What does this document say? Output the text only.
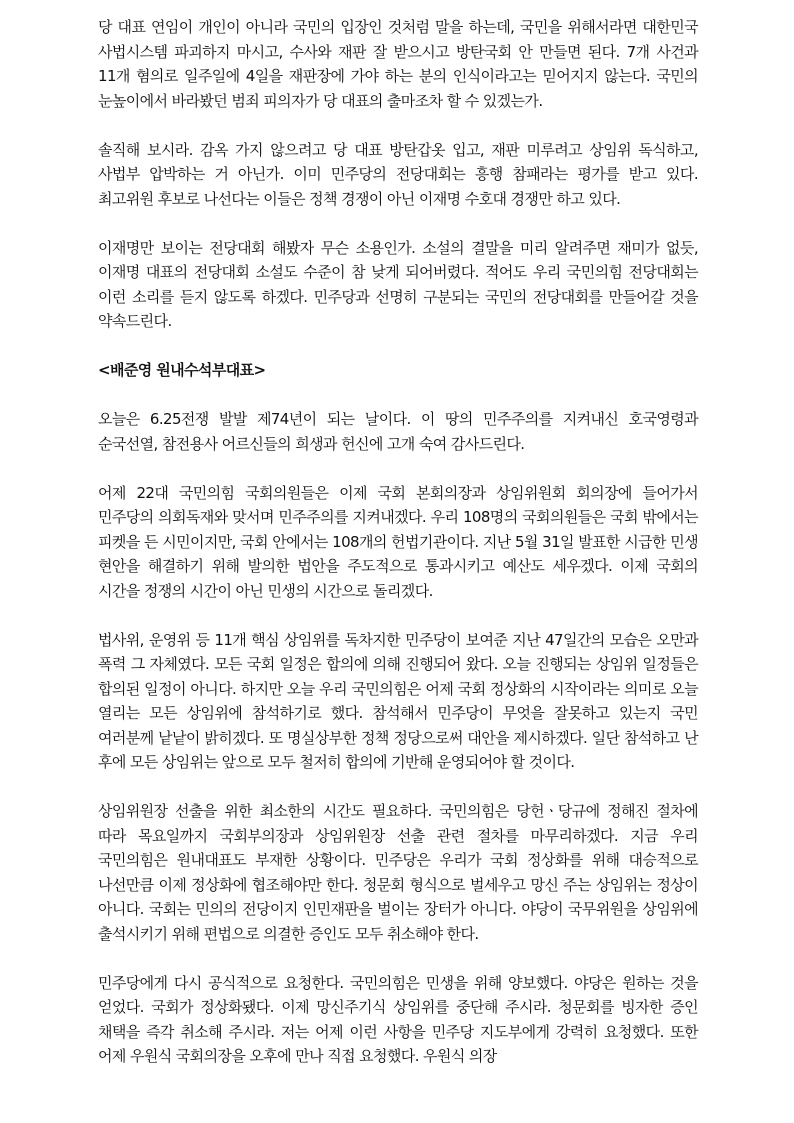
당 대표 연임이 개인이 아니라 국민의 입장인 것처럼 말을 하는데, 국민을 위해서라면 대한민국 사법시스템 파괴하지 마시고, 수사와 재판 잘 받으시고 방탄국회 안 만들면 된다. 7개 사건과 11개 혐의로 일주일에 4일을 재판장에 가야 하는 분의 인식이라고는 믿어지지 않는다. 국민의 눈높이에서 바라봤던 범죄 피의자가 당 대표의 출마조차 할 수 있겠는가.

솔직해 보시라. 감옥 가지 않으려고 당 대표 방탄갑옷 입고, 재판 미루려고 상임위 독식하고, 사법부 압박하는 거 아닌가. 이미 민주당의 전당대회는 흥행 참패라는 평가를 받고 있다. 최고위원 후보로 나선다는 이들은 정책 경쟁이 아닌 이재명 수호대 경쟁만 하고 있다.

이재명만 보이는 전당대회 해봤자 무슨 소용인가. 소설의 결말을 미리 알려주면 재미가 없듯, 이재명 대표의 전당대회 소설도 수준이 참 낮게 되어버렸다. 적어도 우리 국민의힘 전당대회는 이런 소리를 듣지 않도록 하겠다. 민주당과 선명히 구분되는 국민의 전당대회를 만들어갈 것을 약속드린다.

<배준영 원내수석부대표>

오늘은 6.25전쟁 발발 제74년이 되는 날이다. 이 땅의 민주주의를 지켜내신 호국영령과 순국선열, 참전용사 어르신들의 희생과 헌신에 고개 숙여 감사드린다.

어제 22대 국민의힘 국회의원들은 이제 국회 본회의장과 상임위원회 회의장에 들어가서 민주당의 의회독재와 맞서며 민주주의를 지켜내겠다. 우리 108명의 국회의원들은 국회 밖에서는 피켓을 든 시민이지만, 국회 안에서는 108개의 헌법기관이다. 지난 5월 31일 발표한 시급한 민생 현안을 해결하기 위해 발의한 법안을 주도적으로 통과시키고 예산도 세우겠다. 이제 국회의 시간을 정쟁의 시간이 아닌 민생의 시간으로 돌리겠다.

법사위, 운영위 등 11개 핵심 상임위를 독차지한 민주당이 보여준 지난 47일간의 모습은 오만과 폭력 그 자체였다. 모든 국회 일정은 합의에 의해 진행되어 왔다. 오늘 진행되는 상임위 일정들은 합의된 일정이 아니다. 하지만 오늘 우리 국민의힘은 어제 국회 정상화의 시작이라는 의미로 오늘 열리는 모든 상임위에 참석하기로 했다. 참석해서 민주당이 무엇을 잘못하고 있는지 국민 여러분께 낱낱이 밝히겠다. 또 명실상부한 정책 정당으로써 대안을 제시하겠다. 일단 참석하고 난 후에 모든 상임위는 앞으로 모두 철저히 합의에 기반해 운영되어야 할 것이다.

상임위원장 선출을 위한 최소한의 시간도 필요하다. 국민의힘은 당헌ㆍ당규에 정해진 절차에 따라 목요일까지 국회부의장과 상임위원장 선출 관련 절차를 마무리하겠다. 지금 우리 국민의힘은 원내대표도 부재한 상황이다. 민주당은 우리가 국회 정상화를 위해 대승적으로 나선만큼 이제 정상화에 협조해야만 한다. 청문회 형식으로 벌세우고 망신 주는 상임위는 정상이 아니다. 국회는 민의의 전당이지 인민재판을 벌이는 장터가 아니다. 야당이 국무위원을 상임위에 출석시키기 위해 편법으로 의결한 증인도 모두 취소해야 한다.

민주당에게 다시 공식적으로 요청한다. 국민의힘은 민생을 위해 양보했다. 야당은 원하는 것을 얻었다. 국회가 정상화됐다. 이제 망신주기식 상임위를 중단해 주시라. 청문회를 빙자한 증인 채택을 즉각 취소해 주시라. 저는 어제 이런 사항을 민주당 지도부에게 강력히 요청했다. 또한 어제 우원식 국회의장을 오후에 만나 직접 요청했다. 우원식 의장
